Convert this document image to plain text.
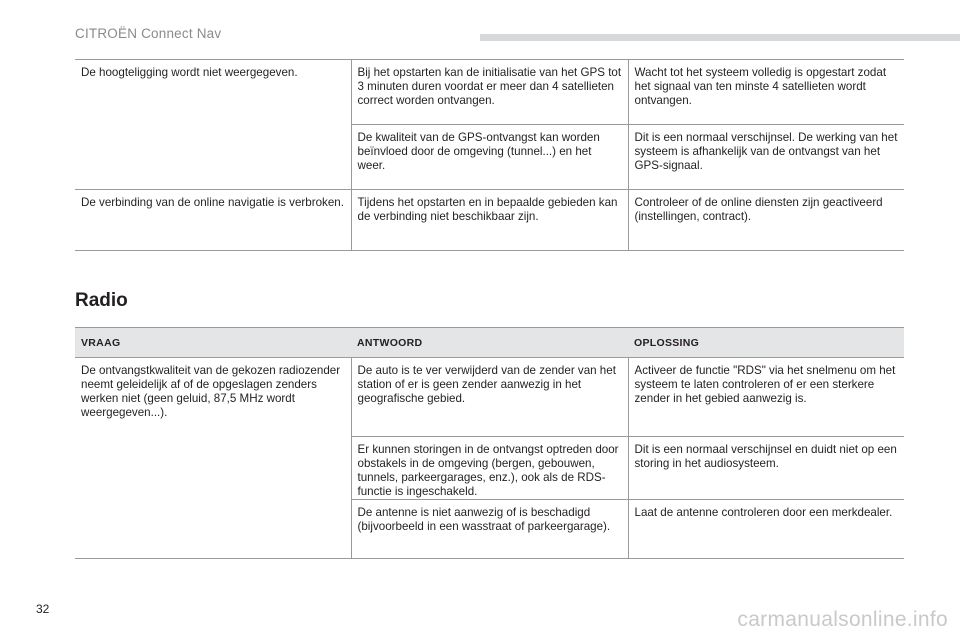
CITROËN Connect Nav
De hoogteligging wordt niet weergegeven.	Bij het opstarten kan de initialisatie van het GPS tot 3 minuten duren voordat er meer dan 4 satellieten correct worden ontvangen.	Wacht tot het systeem volledig is opgestart zodat het signaal van ten minste 4 satellieten wordt ontvangen.
	De kwaliteit van de GPS-ontvangst kan worden beïnvloed door de omgeving (tunnel...) en het weer.	Dit is een normaal verschijnsel. De werking van het systeem is afhankelijk van de ontvangst van het GPS-signaal.
De verbinding van de online navigatie is verbroken.	Tijdens het opstarten en in bepaalde gebieden kan de verbinding niet beschikbaar zijn.	Controleer of de online diensten zijn geactiveerd (instellingen, contract).
Radio
VRAAG	ANTWOORD	OPLOSSING
De ontvangstkwaliteit van de gekozen radiozender neemt geleidelijk af of de opgeslagen zenders werken niet (geen geluid, 87,5 MHz wordt weergegeven...).	De auto is te ver verwijderd van de zender van het station of er is geen zender aanwezig in het geografische gebied.	Activeer de functie "RDS" via het snelmenu om het systeem te laten controleren of er een sterkere zender in het gebied aanwezig is.
	Er kunnen storingen in de ontvangst optreden door obstakels in de omgeving (bergen, gebouwen, tunnels, parkeergarages, enz.), ook als de RDS-functie is ingeschakeld.	Dit is een normaal verschijnsel en duidt niet op een storing in het audiosysteem.
	De antenne is niet aanwezig of is beschadigd (bijvoorbeeld in een wasstraat of parkeergarage).	Laat de antenne controleren door een merkdealer.
32	carmanualsonline.info
